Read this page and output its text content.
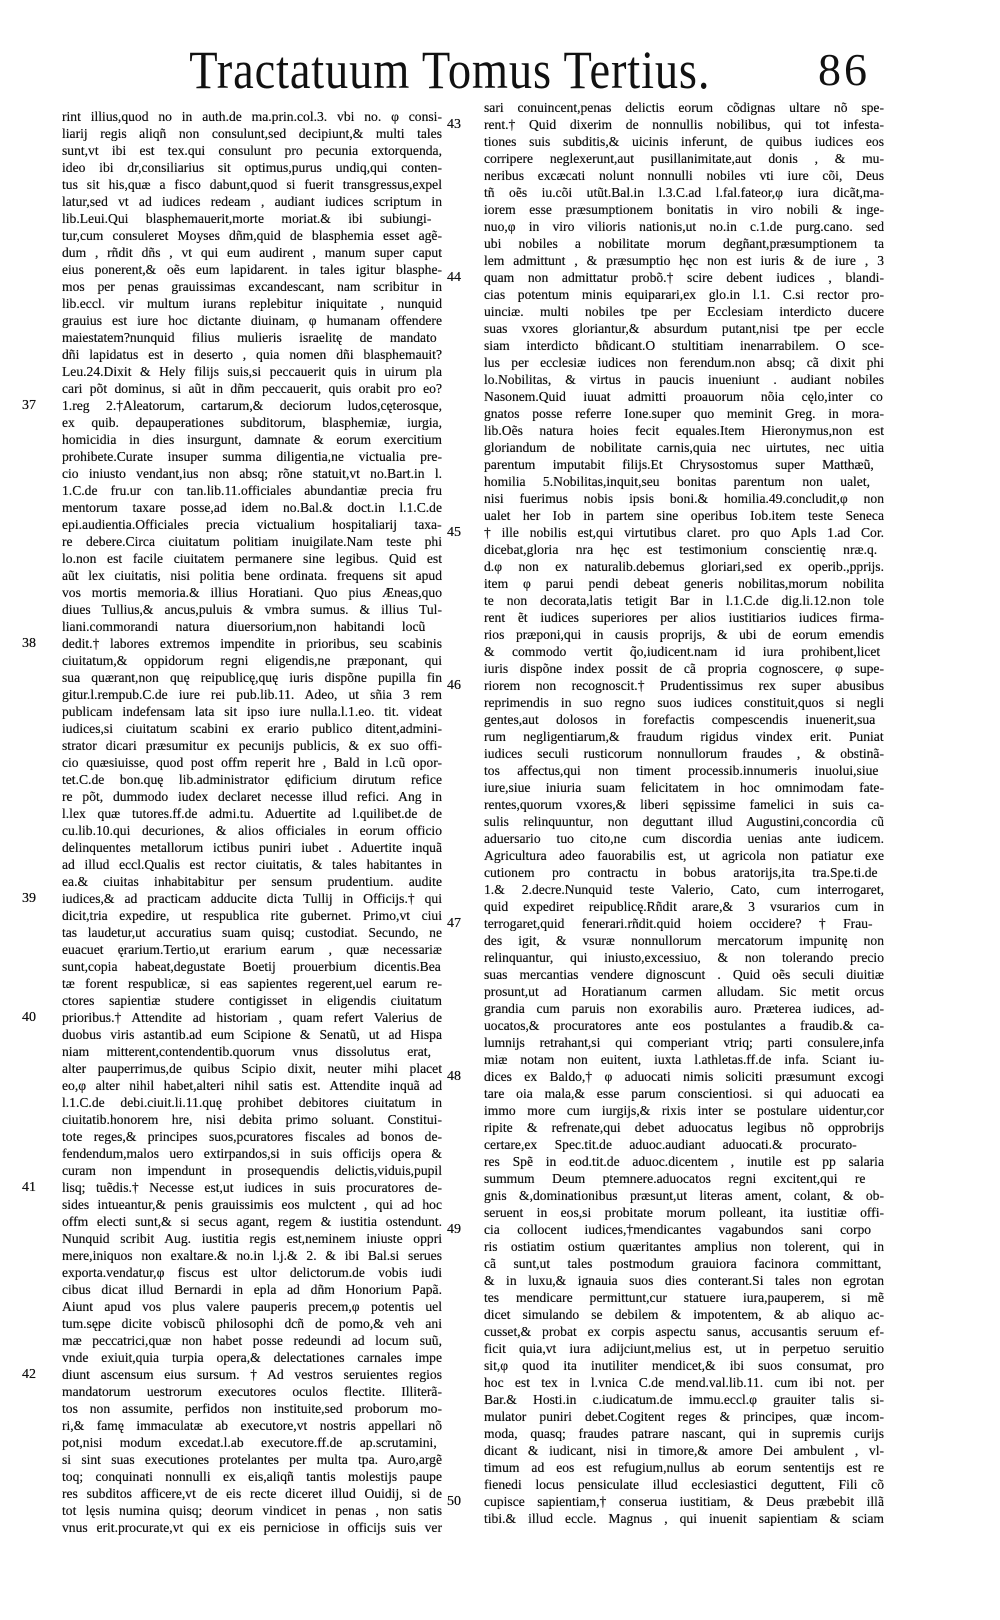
Tractatuum Tomus Tertius. 86
rint illius,quod no in auth.de ma.prin.col.3. vbi no. φ consi-
liarij regis aliqñ non consulunt,sed decipiunt,& multi tales
sunt,vt ibi est tex.qui consulunt pro pecunia extorquenda,
ideo ibi dr,consiliarius sit optimus,purus undiq,qui conten-
tus sit his,quæ a fisco dabunt,quod si fuerit transgressus,expel
latur,sed vt ad iudices redeam , audiant iudices scriptum in
lib.Leui.Qui blasphemauerit,morte moriat.& ibi subiungi-
tur,cum consuleret Moyses dñm,quid de blasphemia esset agẽ-
dum , rñdit dñs , vt qui eum audirent , manum super caput
eius ponerent,& oẽs eum lapidarent. in tales igitur blasphe-
mos per penas grauissimas excandescant, nam scribitur in
lib.eccl. vir multum iurans replebitur iniquitate , nunquid
grauius est iure hoc dictante diuinam, φ humanam offendere
maiestatem?nunquid filius mulieris israelitę de mandato
dñi lapidatus est in deserto , quia nomen dñi blasphemauit?
Leu.24.Dixit & Hely filijs suis,si peccauerit quis in uirum pla
cari põt dominus, si aũt in dñm peccauerit, quis orabit pro eo?
37 1.reg 2.†Aleatorum, cartarum,& deciorum ludos,cęterosque,
ex quib. depauperationes subditorum, blasphemiæ, iurgia,
homicidia in dies insurgunt, damnate & eorum exercitium
prohibete.Curate insuper summa diligentia,ne victualia pre-
cio iniusto vendant,ius non absq; rõne statuit,vt no.Bart.in l.
1.C.de fru.ur con tan.lib.11.officiales abundantiæ precia fru
mentorum taxare posse,ad idem no.Bal.& doct.in l.1.C.de
epi.audientia.Officiales precia victualium hospitaliarij taxa-
re debere.Circa ciuitatum politiam inuigilate.Nam teste phi
lo.non est facile ciuitatem permanere sine legibus. Quid est
aũt lex ciuitatis, nisi politia bene ordinata. frequens sit apud
vos mortis memoria.& illius Horatiani. Quo pius Æneas,quo
diues Tullius,& ancus,puluis & vmbra sumus. & illius Tul-
liani.commorandi natura diuersorium,non habitandi locũ
38 dedit.† labores extremos impendite in prioribus, seu scabinis
ciuitatum,& oppidorum regni eligendis,ne præponant, qui
sua quærant,non quę reipublicę,quę iuris dispõne pupilla fin
gitur.l.rempub.C.de iure rei pub.lib.11. Adeo, ut sñia 3 rem
publicam indefensam lata sit ipso iure nulla.l.1.eo. tit. videat
iudices,si ciuitatum scabini ex erario publico ditent,admini-
strator dicari præsumitur ex pecunijs publicis, & ex suo offi-
cio quæsiuisse, quod post offm reperit hre , Bald in l.cũ opor-
tet.C.de bon.quę lib.administrator ędificium dirutum refice
re põt, dummodo iudex declaret necesse illud refici. Ang in
l.lex quæ tutores.ff.de admi.tu. Aduertite ad l.quilibet.de de
cu.lib.10.qui decuriones, & alios officiales in eorum officio
delinquentes metallorum ictibus puniri iubet . Aduertite inquã
ad illud eccl.Qualis est rector ciuitatis, & tales habitantes in
ea.& ciuitas inhabitabitur per sensum prudentium. audite
39 iudices,& ad practicam adducite dicta Tullij in Officijs.† qui
dicit,tria expedire, ut respublica rite gubernet. Primo,vt ciui
tas laudetur,ut accuratius suam quisq; custodiat. Secundo, ne
euacuet ęrarium.Tertio,ut erarium earum , quæ necessariæ
sunt,copia habeat,degustate Boetij prouerbium dicentis.Bea
tæ forent respublicæ, si eas sapientes regerent,uel earum re-
ctores sapientiæ studere contigisset in eligendis ciuitatum
40 prioribus.† Attendite ad historiam , quam refert Valerius de
duobus viris astantib.ad eum Scipione & Senatũ, ut ad Hispa
niam mitterent,contendentib.quorum vnus dissolutus erat,
alter pauperrimus,de quibus Scipio dixit, neuter mihi placet
eo,φ alter nihil habet,alteri nihil satis est. Attendite inquã ad
l.1.C.de debi.ciuit.li.11.quę prohibet debitores ciuitatum in
ciuitatib.honorem hre, nisi debita primo soluant. Constitui-
tote reges,& principes suos,pcuratores fiscales ad bonos de-
fendendum,malos uero extirpandos,si in suis officijs opera &
curam non impendunt in prosequendis delictis,viduis,pupil
41 lisq; tuẽdis.† Necesse est,ut iudices in suis procuratores de-
sides intueantur,& penis grauissimis eos mulctent , qui ad hoc
offm electi sunt,& si secus agant, regem & iustitia ostendunt.
Nunquid scribit Aug. iustitia regis est,neminem iniuste oppri
mere,iniquos non exaltare.& no.in l.j.& 2. & ibi Bal.si serues
exporta.vendatur,φ fiscus est ultor delictorum.de vobis iudi
cibus dicat illud Bernardi in epla ad dñm Honorium Papã.
Aiunt apud vos plus valere pauperis precem,φ potentis uel
tum.sępe dicite vobiscũ philosophi dcñ de pomo,& veh ani
mæ peccatrici,quæ non habet posse redeundi ad locum suũ,
vnde exiuit,quia turpia opera,& delectationes carnales impe
42 diunt ascensum eius sursum. † Ad vestros seruientes regios
mandatorum uestrorum executores oculos flectite. Illiterã-
tos non assumite, perfidos non instituite,sed proborum mo-
ri,& famę immaculatæ ab executore,vt nostris appellari nõ
pot,nisi modum excedat.l.ab executore.ff.de ap.scrutamini,
si sint suas executiones protelantes per multa tpa. Auro,argẽ
toq; conquinati nonnulli ex eis,aliqñ tantis molestijs paupe
res subditos afficere,vt de eis recte diceret illud Ouidij, si de
tot lęsis numina quisq; deorum vindicet in penas , non satis
vnus erit.procurate,vt qui ex eis perniciose in officijs suis ver
sari conuincent,penas delictis eorum cõdignas ultare nõ spe-
43 rent.† Quid dixerim de nonnullis nobilibus, qui tot infesta-
tiones suis subditis,& uicinis inferunt, de quibus iudices eos
corripere neglexerunt,aut pusillanimitate,aut donis , & mu-
neribus excæcati nolunt nonnulli nobiles vti iure cõi, Deus
tñ oẽs iu.cõi utũt.Bal.in l.3.C.ad l.fal.fateor,φ iura dicãt,ma-
iorem esse præsumptionem bonitatis in viro nobili & inge-
nuo,φ in viro vilioris nationis,ut no.in c.1.de purg.cano. sed
ubi nobiles a nobilitate morum degñant,præsumptionem ta
lem admittunt , & præsumptio hęc non est iuris & de iure , 3
44 quam non admittatur probõ.† scire debent iudices , blandi-
cias potentum minis equiparari,ex glo.in l.1. C.si rector pro-
uinciæ. multi nobiles tpe per Ecclesiam interdicto ducere
suas vxores gloriantur,& absurdum putant,nisi tpe per eccle
siam interdicto bñdicant.O stultitiam inenarrabilem. O sce-
lus per ecclesiæ iudices non ferendum.non absq; cã dixit phi
lo.Nobilitas, & virtus in paucis inueniunt . audiant nobiles
Nasonem.Quid iuuat admitti proauorum nõia cęlo,inter co
gnatos posse referre Ione.super quo meminit Greg. in mora-
lib.Oẽs natura hoies fecit equales.Item Hieronymus,non est
gloriandum de nobilitate carnis,quia nec uirtutes, nec uitia
parentum imputabit filijs.Et Chrysostomus super Matthæũ,
homilia 5.Nobilitas,inquit,seu bonitas parentum non ualet,
nisi fuerimus nobis ipsis boni.& homilia.49.concludit,φ non
ualet her Iob in partem sine operibus Iob.item teste Seneca
45 † ille nobilis est,qui virtutibus claret. pro quo Apls 1.ad Cor.
dicebat,gloria nra hęc est testimonium conscientię nræ.q.
d.φ non ex naturalib.debemus gloriari,sed ex operib.,pprijs.
item φ parui pendi debeat generis nobilitas,morum nobilita
te non decorata,latis tetigit Bar in l.1.C.de dig.li.12.non tole
rent ẽt iudices superiores per alios iustitiarios iudices firma-
rios præponi,qui in causis proprijs, & ubi de eorum emendis
& commodo vertit q̃o,iudicent.nam id iura prohibent,licet
iuris dispõne index possit de cã propria cognoscere, φ supe-
46 riorem non recognoscit.† Prudentissimus rex super abusibus
reprimendis in suo regno suos iudices constituit,quos si negli
gentes,aut dolosos in forefactis compescendis inuenerit,sua
rum negligentiarum,& fraudum rigidus vindex erit. Puniat
iudices seculi rusticorum nonnullorum fraudes , & obstinã-
tos affectus,qui non timent processib.innumeris inuolui,siue
iure,siue iniuria suam felicitatem in hoc omnimodam fate-
rentes,quorum vxores,& liberi sępissime famelici in suis ca-
sulis relinquuntur, non deguttant illud Augustini,concordia cũ
aduersario tuo cito,ne cum discordia uenias ante iudicem.
Agricultura adeo fauorabilis est, ut agricola non patiatur exe
cutionem pro contractu in bobus aratorijs,ita tra.Spe.ti.de
1.& 2.decre.Nunquid teste Valerio, Cato, cum interrogaret,
quid expediret reipublicę.Rñdit arare,& 3 vsurarios cum in
47 terrogaret,quid fenerari.rñdit.quid hoiem occidere? † Frau-
des igit, & vsuræ nonnullorum mercatorum impunitę non
relinquantur, qui iniusto,excessiuo, & non tolerando precio
suas mercantias vendere dignoscunt . Quid oẽs seculi diuitiæ
prosunt,ut ad Horatianum carmen alludam. Sic metit orcus
grandia cum paruis non exorabilis auro. Præterea iudices, ad-
uocatos,& procuratores ante eos postulantes a fraudib.& ca-
lumnijs retrahant,si qui comperiant vtriq; parti consulere,infa
miæ notam non euitent, iuxta l.athletas.ff.de infa. Sciant iu-
48 dices ex Baldo,† φ aduocati nimis soliciti præsumunt excogi
tare oia mala,& esse parum conscientiosi. si qui aduocati ea
immo more cum iurgijs,& rixis inter se postulare uidentur,cor
ripite & refrenate,qui debet aduocatus legibus nõ opprobrijs
certare,ex Spec.tit.de aduoc.audiant aduocati.& procurato-
res Spẽ in eod.tit.de aduoc.dicentem , inutile est pp salaria
summum Deum ptemnere.aduocatos regni excitent,qui re
gnis &,dominationibus præsunt,ut literas ament, colant, & ob-
seruent in eos,si probitate morum polleant, ita iustitiæ offi-
49 cia collocent iudices,†mendicantes vagabundos sani corpo
ris ostiatim ostium quæritantes amplius non tolerent, qui in
cã sunt,ut tales postmodum grauiora facinora committant,
& in luxu,& ignauia suos dies conterant.Si tales non egrotan
tes mendicare permittunt,cur statuere iura,pauperem, si mẽ
dicet simulando se debilem & impotentem, & ab aliquo ac-
cusset,& probat ex corpis aspectu sanus, accusantis seruum ef-
ficit quia,vt iura adijciunt,melius est, ut in perpetuo seruitio
sit,φ quod ita inutiliter mendicet,& ibi suos consumat, pro
hoc est tex in l.vnica C.de mend.val.lib.11. cum ibi not. per
Bar.& Hosti.in c.iudicatum.de immu.eccl.φ grauiter talis si-
mulator puniri debet.Cogitent reges & principes, quæ incom-
moda, quasq; fraudes patrare nascant, qui in supremis curijs
dicant & iudicant, nisi in timore,& amore Dei ambulent , vl-
timum ad eos est refugium,nullus ab eorum sententijs est re
fienedi locus pensiculate illud ecclesiastici deguttent, Fili cõ
50 cupisce sapientiam,† conserua iustitiam, & Deus præbebit illã
tibi.& illud eccle. Magnus , qui inuenit sapientiam & sciam
